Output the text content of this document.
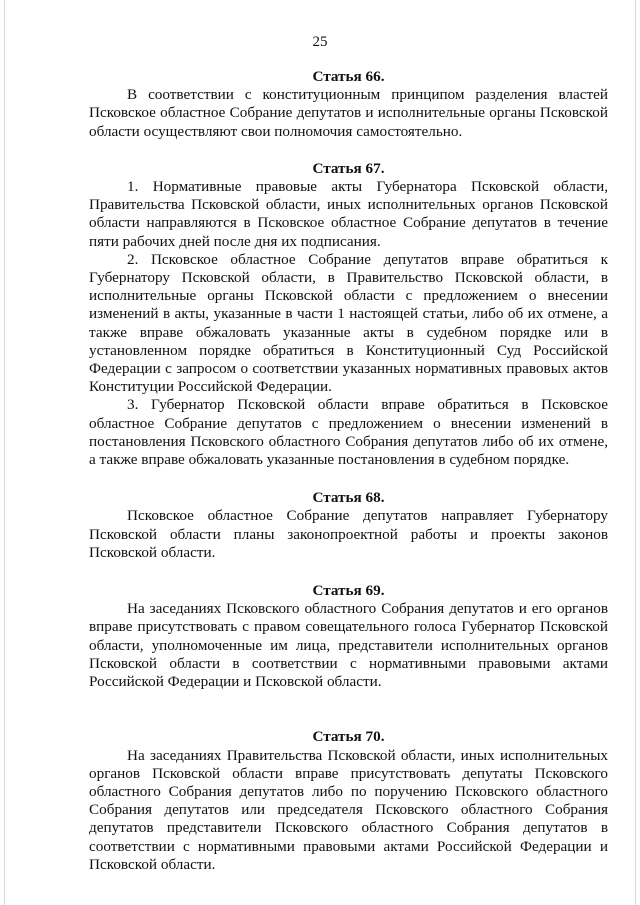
25
Статья 66.

В соответствии с конституционным принципом разделения властей Псковское областное Собрание депутатов и исполнительные органы Псковской области осуществляют свои полномочия самостоятельно.

Статья 67.

1. Нормативные правовые акты Губернатора Псковской области, Правительства Псковской области, иных исполнительных органов Псковской области направляются в Псковское областное Собрание депутатов в течение пяти рабочих дней после дня их подписания.

2. Псковское областное Собрание депутатов вправе обратиться к Губернатору Псковской области, в Правительство Псковской области, в исполнительные органы Псковской области с предложением о внесении изменений в акты, указанные в части 1 настоящей статьи, либо об их отмене, а также вправе обжаловать указанные акты в судебном порядке или в установленном порядке обратиться в Конституционный Суд Российской Федерации с запросом о соответствии указанных нормативных правовых актов Конституции Российской Федерации.

3. Губернатор Псковской области вправе обратиться в Псковское областное Собрание депутатов с предложением о внесении изменений в постановления Псковского областного Собрания депутатов либо об их отмене, а также вправе обжаловать указанные постановления в судебном порядке.

Статья 68.

Псковское областное Собрание депутатов направляет Губернатору Псковской области планы законопроектной работы и проекты законов Псковской области.

Статья 69.

На заседаниях Псковского областного Собрания депутатов и его органов вправе присутствовать с правом совещательного голоса Губернатор Псковской области, уполномоченные им лица, представители исполнительных органов Псковской области в соответствии с нормативными правовыми актами Российской Федерации и Псковской области.

Статья 70.

На заседаниях Правительства Псковской области, иных исполнительных органов Псковской области вправе присутствовать депутаты Псковского областного Собрания депутатов либо по поручению Псковского областного Собрания депутатов или председателя Псковского областного Собрания депутатов представители Псковского областного Собрания депутатов в соответствии с нормативными правовыми актами Российской Федерации и Псковской области.
